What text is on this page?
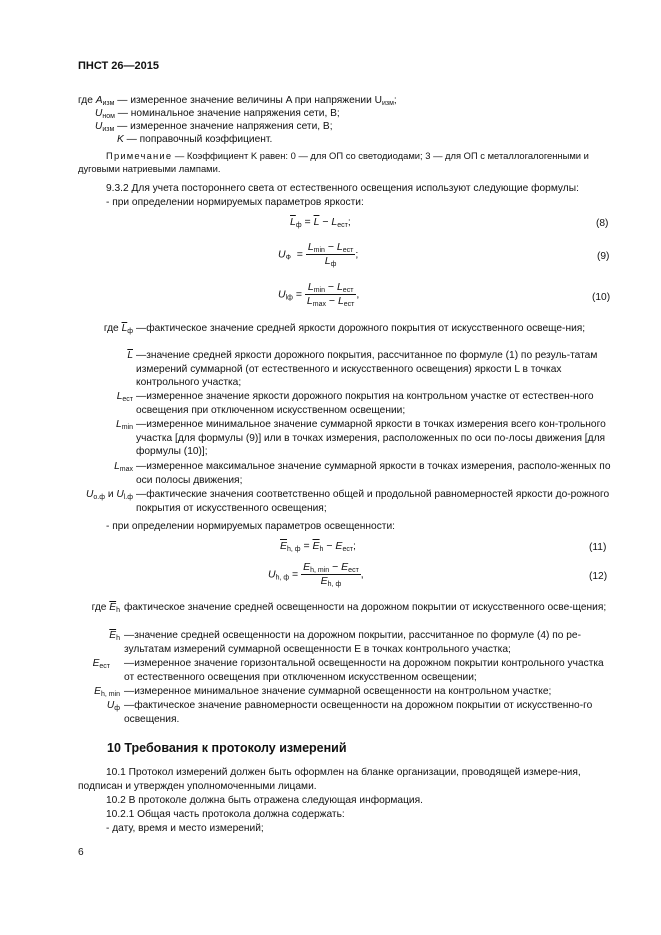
ПНСТ 26—2015
где $A_{изм}$ — измеренное значение величины A при напряжении $U_{изм}$;
$U_{ном}$ — номинальное значение напряжения сети, В;
$U_{изм}$ — измеренное значение напряжения сети, В;
K — поправочный коэффициент.
Примечание — Коэффициент K равен: 0 — для ОП со светодиодами; 3 — для ОП с металлогалогенными и дуговыми натриевыми лампами.
9.3.2 Для учета постороннего света от естественного освещения используют следующие формулы:
- при определении нормируемых параметров яркости:
$\overline{L}_ф = \overline{L} - L_{ест}$;	(8)
$U_Ф = \frac{L_{min} - L_{ест}}{\overline{L}_ф}$ ;	(9)
$U_{lф} = \frac{L_{min} - L_{ест}}{L_{max} - L_{ест}}$ ,	(10)
где $\overline{L}_ф$ —фактическое значение средней яркости дорожного покрытия от искусственного освеще-ния;
$\overline{L}$ —значение средней яркости дорожного покрытия, рассчитанное по формуле (1) по резуль-татам измерений суммарной (от естественного и искусственного освещения) яркости L в точках контрольного участка;
$L_{ест}$ —измеренное значение яркости дорожного покрытия на контрольном участке от естествен-ного освещения при отключенном искусственном освещении;
$L_{min}$ —измеренное минимальное значение суммарной яркости в точках измерения всего кон-трольного участка [для формулы (9)] или в точках измерения, расположенных по оси по-лосы движения [для формулы (10)];
$L_{max}$ —измеренное максимальное значение суммарной яркости в точках измерения, располо-женных по оси полосы движения;
$U_{о.ф}$ и $U_{l.ф}$ —фактические значения соответственно общей и продольной равномерностей яркости до-рожного покрытия от искусственного освещения;
- при определении нормируемых параметров освещенности:
$\overline{E}_{h, ф} = \overline{E}_h - E_{ест}$;	(11)
$U_{h, ф} = \frac{E_{h, min} - E_{ест}}{\overline{E}_{h, ф}}$ ,	(12)
где $\overline{E}_h$ фактическое значение средней освещенности на дорожном покрытии от искусственного осве-щения;
$\overline{E}_h$ —значение средней освещенности на дорожном покрытии, рассчитанное по формуле (4) по ре-зультатам измерений суммарной освещенности E в точках контрольного участка;
$E_{ест}$ —измеренное значение горизонтальной освещенности на дорожном покрытии контрольного участка от естественного освещения при отключенном искусственном освещении;
$E_{h, min}$ —измеренное минимальное значение суммарной освещенности на контрольном участке;
$U_ф$ —фактическое значение равномерности освещенности на дорожном покрытии от искусственно-го освещения.
10 Требования к протоколу измерений
10.1 Протокол измерений должен быть оформлен на бланке организации, проводящей измере-ния, подписан и утвержден уполномоченными лицами.
10.2 В протоколе должна быть отражена следующая информация.
10.2.1 Общая часть протокола должна содержать:
- дату, время и место измерений;
6
